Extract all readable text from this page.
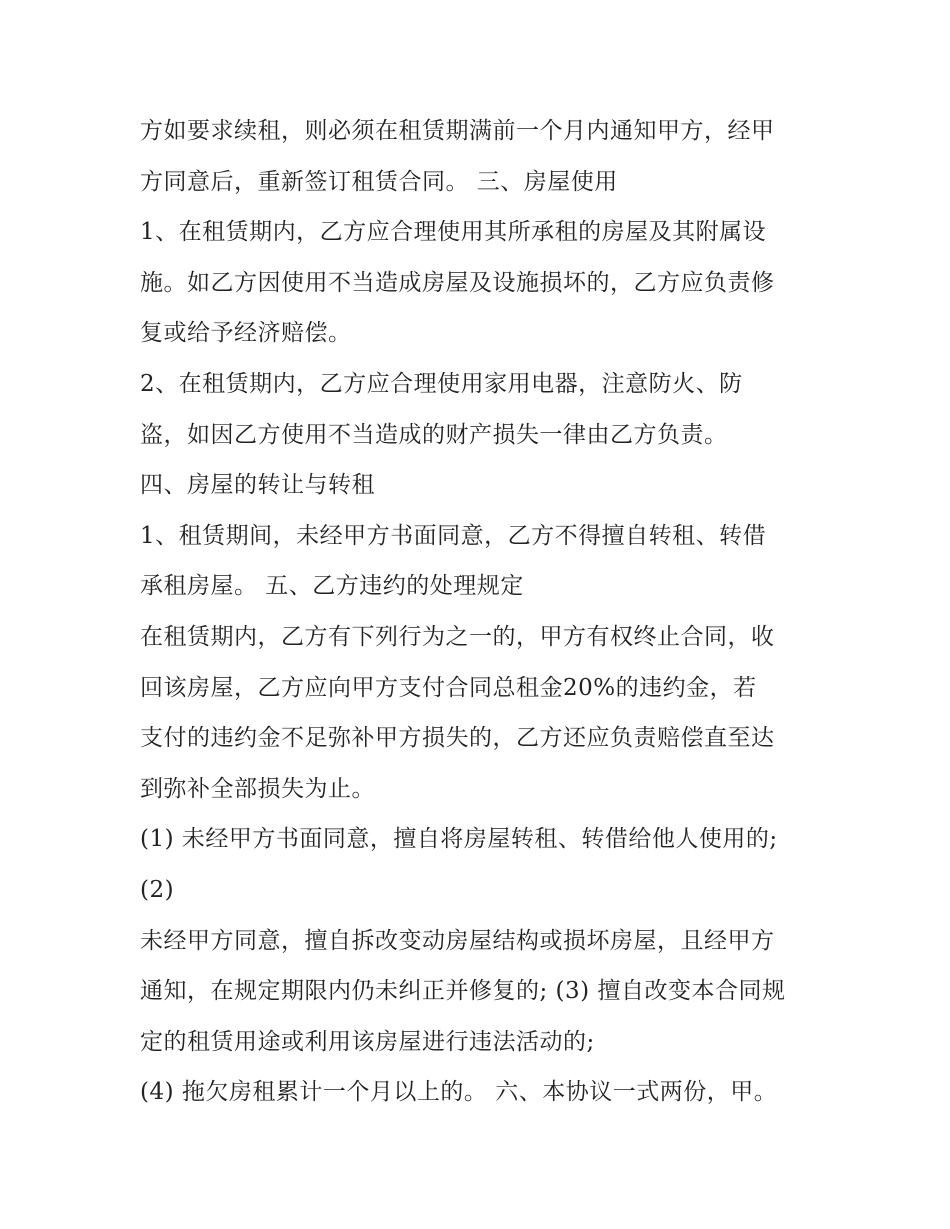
方如要求续租，则必须在租赁期满前一个月内通知甲方，经甲
方同意后，重新签订租赁合同。 三、房屋使用
1、在租赁期内，乙方应合理使用其所承租的房屋及其附属设
施。如乙方因使用不当造成房屋及设施损坏的，乙方应负责修
复或给予经济赔偿。
2、在租赁期内，乙方应合理使用家用电器，注意防火、防
盗，如因乙方使用不当造成的财产损失一律由乙方负责。
四、房屋的转让与转租
1、租赁期间，未经甲方书面同意，乙方不得擅自转租、转借
承租房屋。 五、乙方违约的处理规定
在租赁期内，乙方有下列行为之一的，甲方有权终止合同，收
回该房屋，乙方应向甲方支付合同总租金20%的违约金，若
支付的违约金不足弥补甲方损失的，乙方还应负责赔偿直至达
到弥补全部损失为止。
(1) 未经甲方书面同意，擅自将房屋转租、转借给他人使用的;
(2)
未经甲方同意，擅自拆改变动房屋结构或损坏房屋，且经甲方
通知，在规定期限内仍未纠正并修复的; (3) 擅自改变本合同规
定的租赁用途或利用该房屋进行违法活动的;
(4) 拖欠房租累计一个月以上的。 六、本协议一式两份，甲。
